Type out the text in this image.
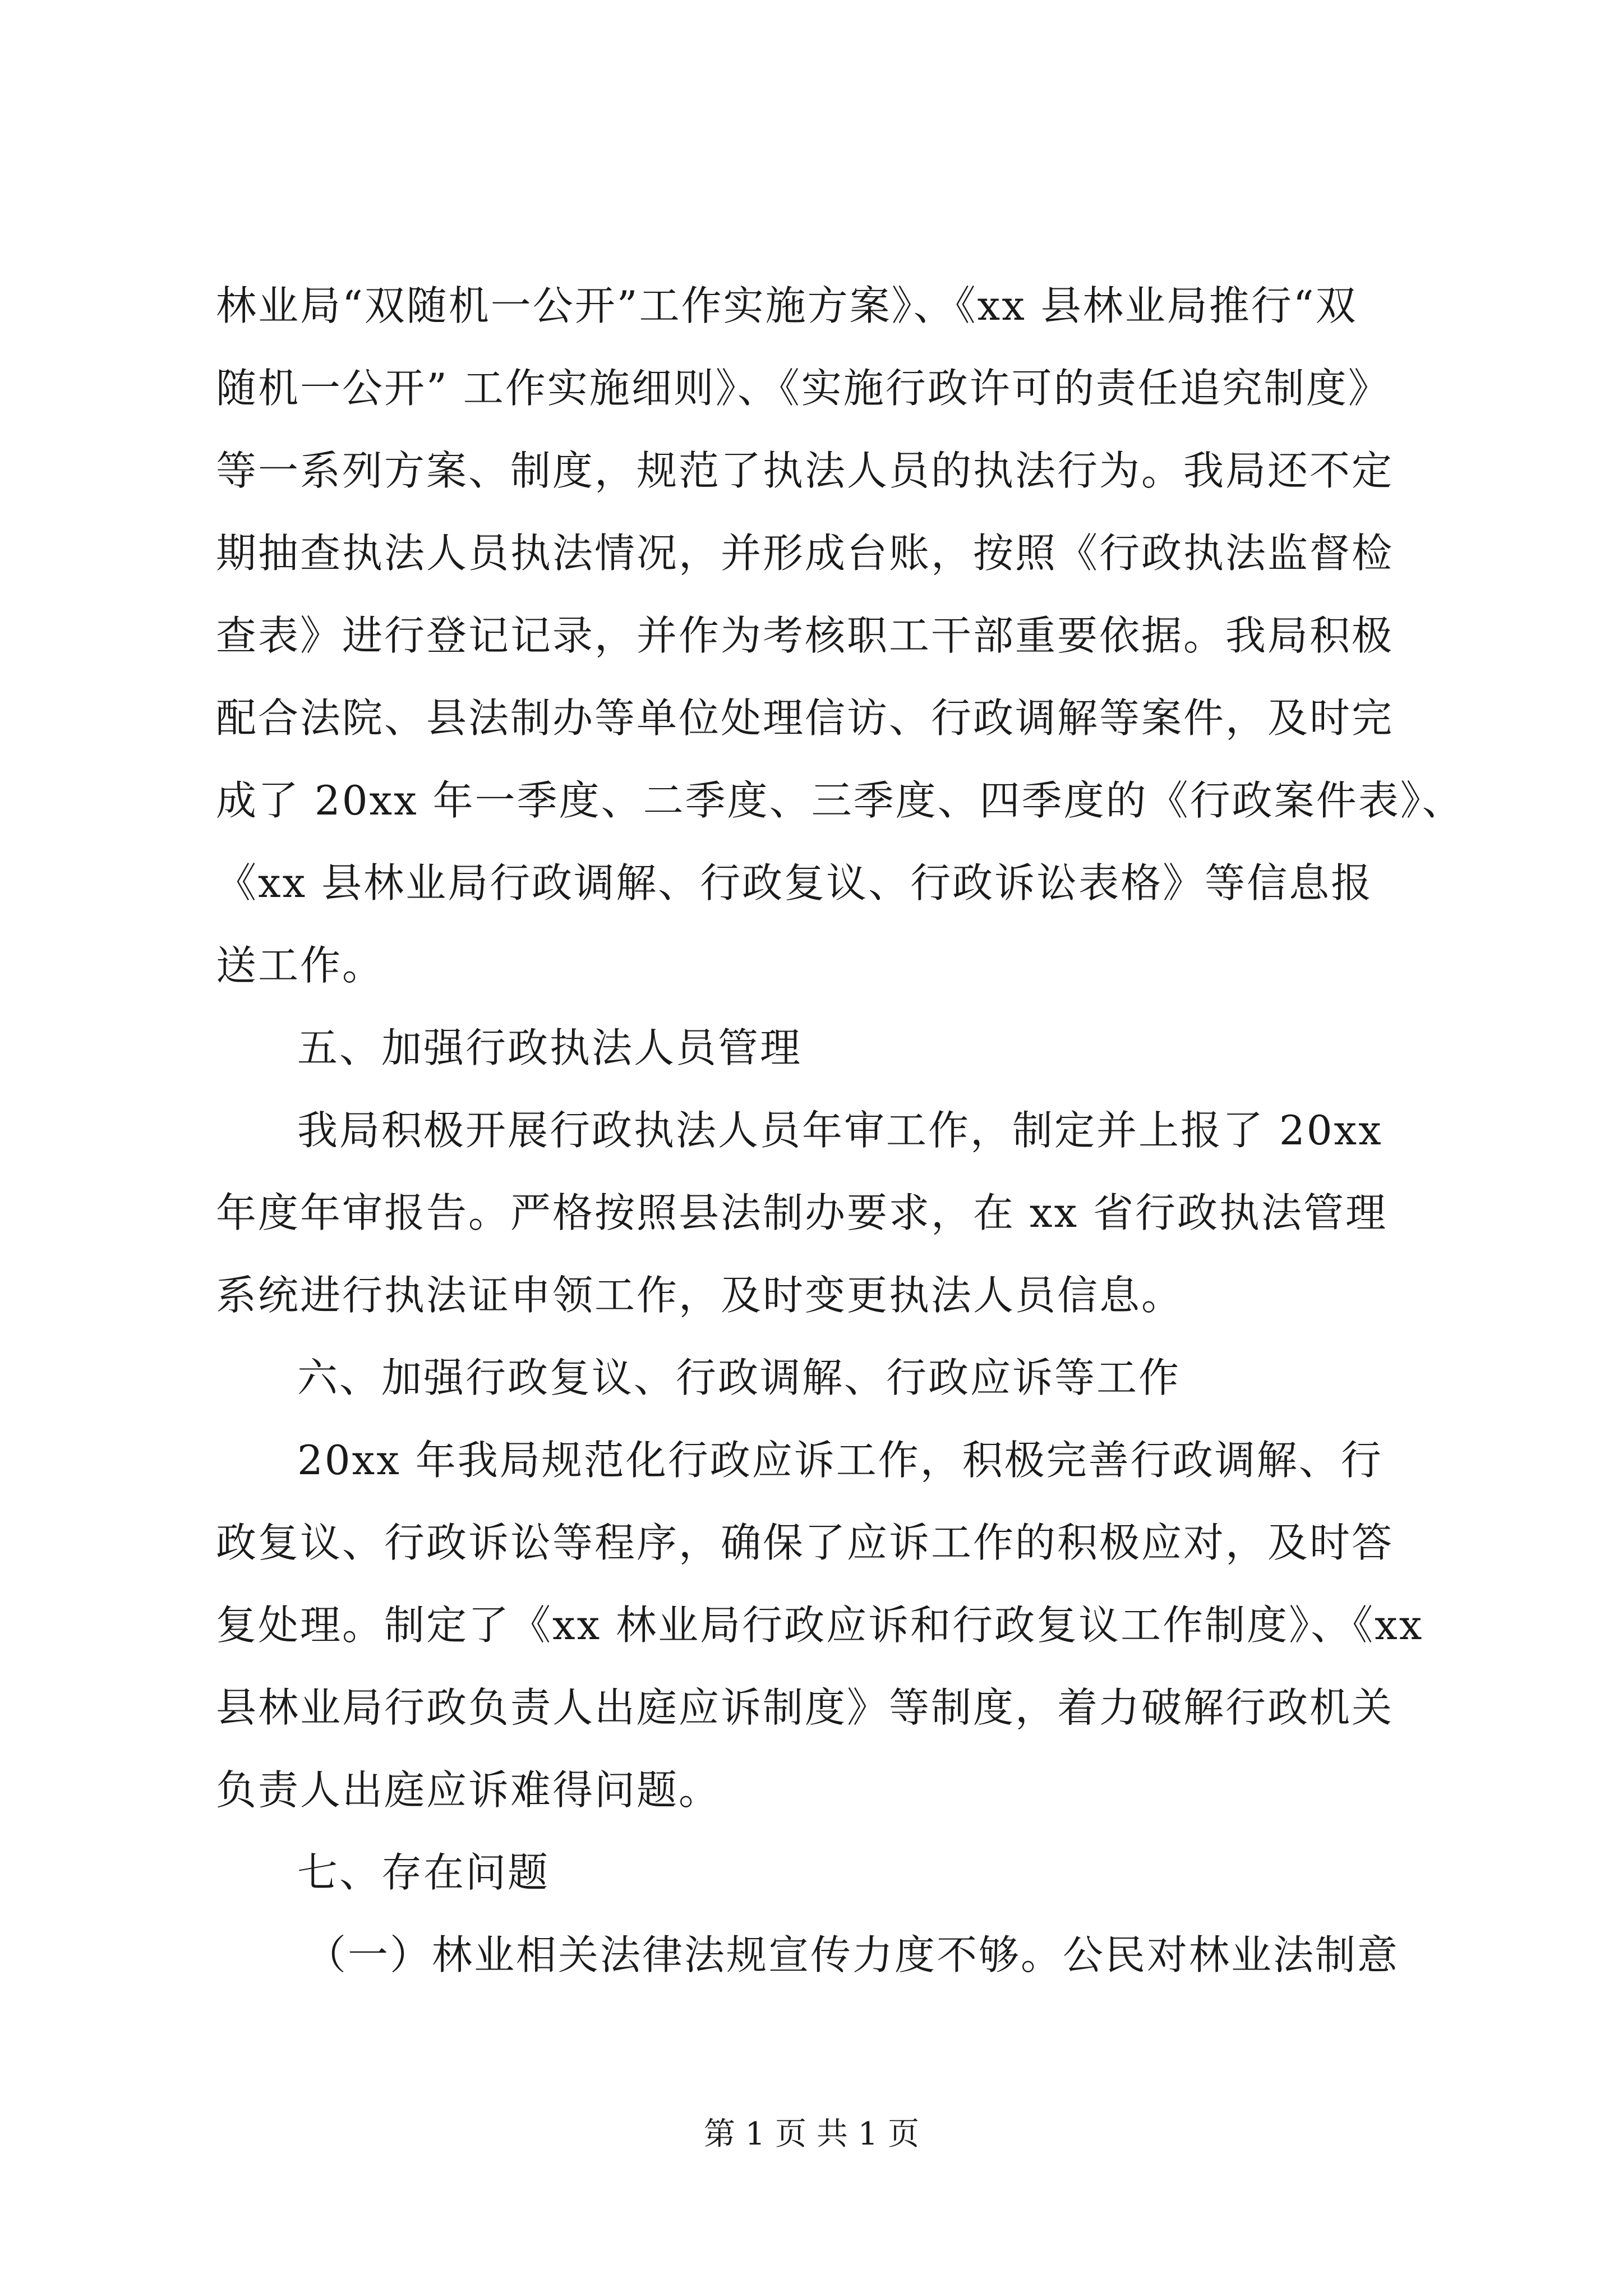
林业局“双随机一公开”工作实施方案》、《xx 县林业局推行“双
随机一公开” 工作实施细则》、《实施行政许可的责任追究制度》
等一系列方案、制度，规范了执法人员的执法行为。我局还不定
期抽查执法人员执法情况，并形成台账，按照《行政执法监督检
查表》进行登记记录，并作为考核职工干部重要依据。我局积极
配合法院、县法制办等单位处理信访、行政调解等案件，及时完
成了 20xx 年一季度、二季度、三季度、四季度的《行政案件表》、
《xx 县林业局行政调解、行政复议、行政诉讼表格》等信息报
送工作。
五、加强行政执法人员管理
我局积极开展行政执法人员年审工作，制定并上报了 20xx
年度年审报告。严格按照县法制办要求，在 xx 省行政执法管理
系统进行执法证申领工作，及时变更执法人员信息。
六、加强行政复议、行政调解、行政应诉等工作
20xx 年我局规范化行政应诉工作，积极完善行政调解、行
政复议、行政诉讼等程序，确保了应诉工作的积极应对，及时答
复处理。制定了《xx 林业局行政应诉和行政复议工作制度》、《xx
县林业局行政负责人出庭应诉制度》等制度，着力破解行政机关
负责人出庭应诉难得问题。
七、存在问题
（一）林业相关法律法规宣传力度不够。公民对林业法制意
第 1 页 共 1 页
